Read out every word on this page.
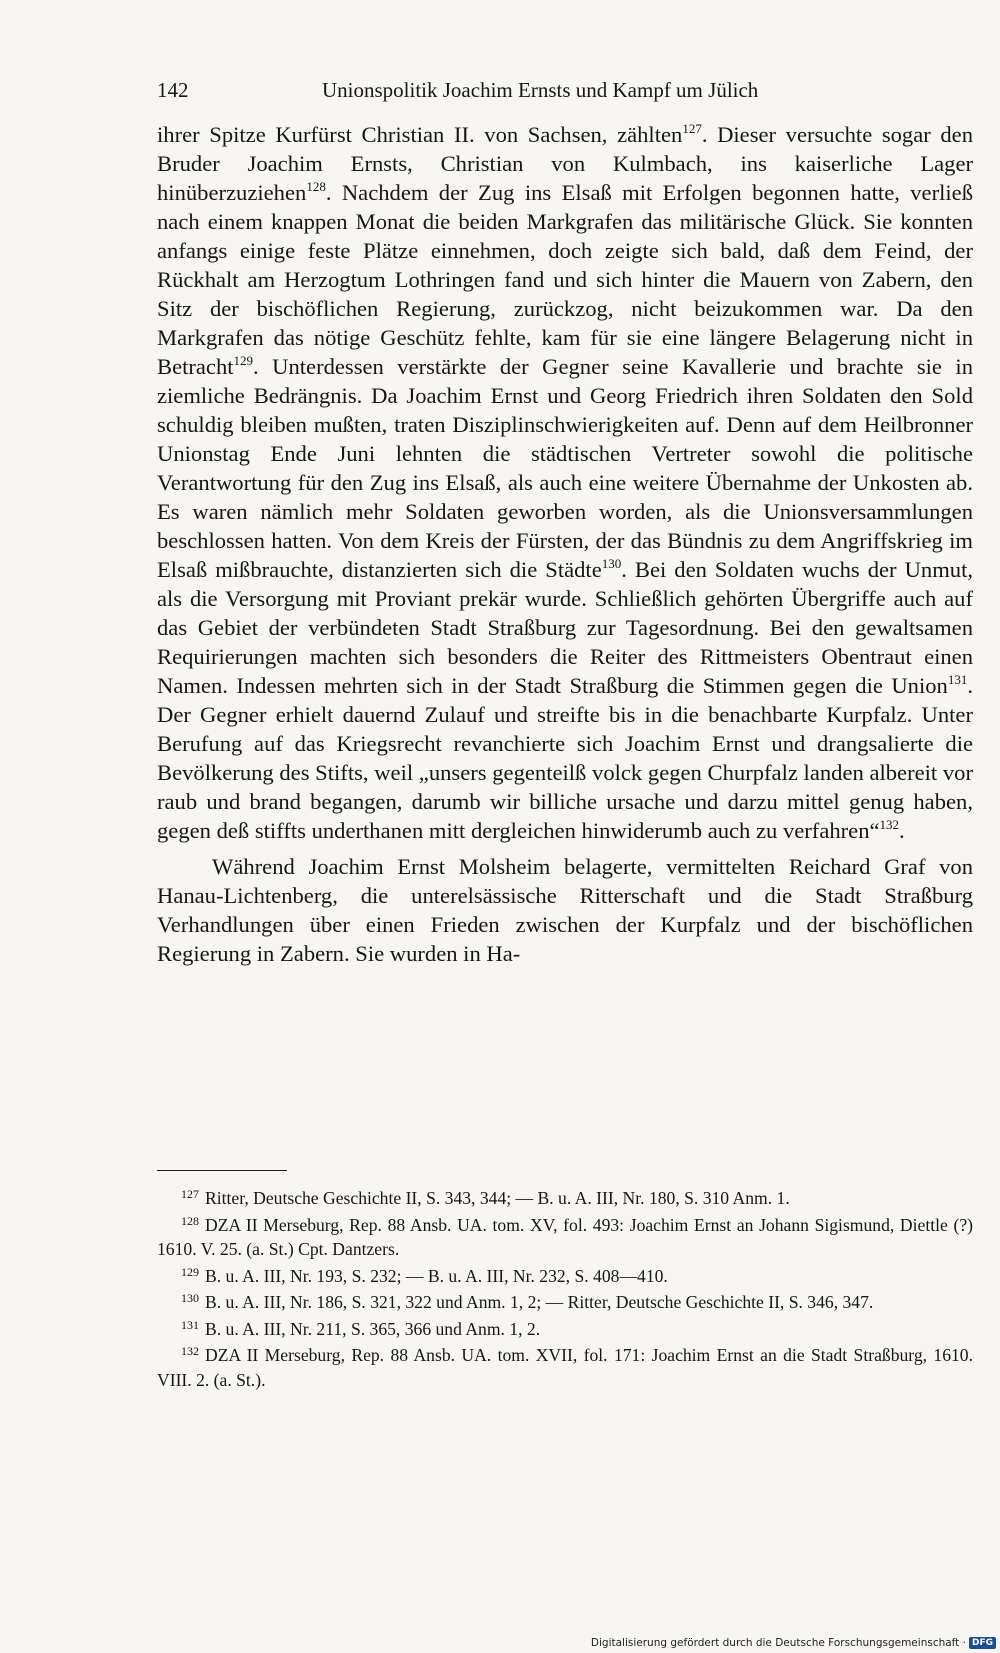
142	Unionspolitik Joachim Ernsts und Kampf um Jülich

ihrer Spitze Kurfürst Christian II. von Sachsen, zählten$^{127}$. Dieser versuchte sogar den Bruder Joachim Ernsts, Christian von Kulmbach, ins kaiserliche Lager hinüberzuziehen$^{128}$. Nachdem der Zug ins Elsaß mit Erfolgen begonnen hatte, verließ nach einem knappen Monat die beiden Markgrafen das militärische Glück. Sie konnten anfangs einige feste Plätze einnehmen, doch zeigte sich bald, daß dem Feind, der Rückhalt am Herzogtum Lothringen fand und sich hinter die Mauern von Zabern, den Sitz der bischöflichen Regierung, zurückzog, nicht beizukommen war. Da den Markgrafen das nötige Geschütz fehlte, kam für sie eine längere Belagerung nicht in Betracht$^{129}$. Unterdessen verstärkte der Gegner seine Kavallerie und brachte sie in ziemliche Bedrängnis. Da Joachim Ernst und Georg Friedrich ihren Soldaten den Sold schuldig bleiben mußten, traten Disziplinschwierigkeiten auf. Denn auf dem Heilbronner Unionstag Ende Juni lehnten die städtischen Vertreter sowohl die politische Verantwortung für den Zug ins Elsaß, als auch eine weitere Übernahme der Unkosten ab. Es waren nämlich mehr Soldaten geworben worden, als die Unionsversammlungen beschlossen hatten. Von dem Kreis der Fürsten, der das Bündnis zu dem Angriffskrieg im Elsaß mißbrauchte, distanzierten sich die Städte$^{130}$. Bei den Soldaten wuchs der Unmut, als die Versorgung mit Proviant prekär wurde. Schließlich gehörten Übergriffe auch auf das Gebiet der verbündeten Stadt Straßburg zur Tagesordnung. Bei den gewaltsamen Requirierungen machten sich besonders die Reiter des Rittmeisters Obentraut einen Namen. Indessen mehrten sich in der Stadt Straßburg die Stimmen gegen die Union$^{131}$. Der Gegner erhielt dauernd Zulauf und streifte bis in die benachbarte Kurpfalz. Unter Berufung auf das Kriegsrecht revanchierte sich Joachim Ernst und drangsalierte die Bevölkerung des Stifts, weil „unsers gegenteilß volck gegen Churpfalz landen albereit vor raub und brand begangen, darumb wir billiche ursache und darzu mittel genug haben, gegen deß stiffts underthanen mitt dergleichen hinwiderumb auch zu verfahren“$^{132}$.

Während Joachim Ernst Molsheim belagerte, vermittelten Reichard Graf von Hanau-Lichtenberg, die unterelsässische Ritterschaft und die Stadt Straßburg Verhandlungen über einen Frieden zwischen der Kurpfalz und der bischöflichen Regierung in Zabern. Sie wurden in Ha-

$^{127}$ Ritter, Deutsche Geschichte II, S. 343, 344; — B. u. A. III, Nr. 180, S. 310 Anm. 1.

$^{128}$ DZA II Merseburg, Rep. 88 Ansb. UA. tom. XV, fol. 493: Joachim Ernst an Johann Sigismund, Diettle (?) 1610. V. 25. (a. St.) Cpt. Dantzers.

$^{129}$ B. u. A. III, Nr. 193, S. 232; — B. u. A. III, Nr. 232, S. 408—410.

$^{130}$ B. u. A. III, Nr. 186, S. 321, 322 und Anm. 1, 2; — Ritter, Deutsche Geschichte II, S. 346, 347.

$^{131}$ B. u. A. III, Nr. 211, S. 365, 366 und Anm. 1, 2.

$^{132}$ DZA II Merseburg, Rep. 88 Ansb. UA. tom. XVII, fol. 171: Joachim Ernst an die Stadt Straßburg, 1610. VIII. 2. (a. St.).

Digitalisierung gefördert durch die Deutsche Forschungsgemeinschaft · DFG
